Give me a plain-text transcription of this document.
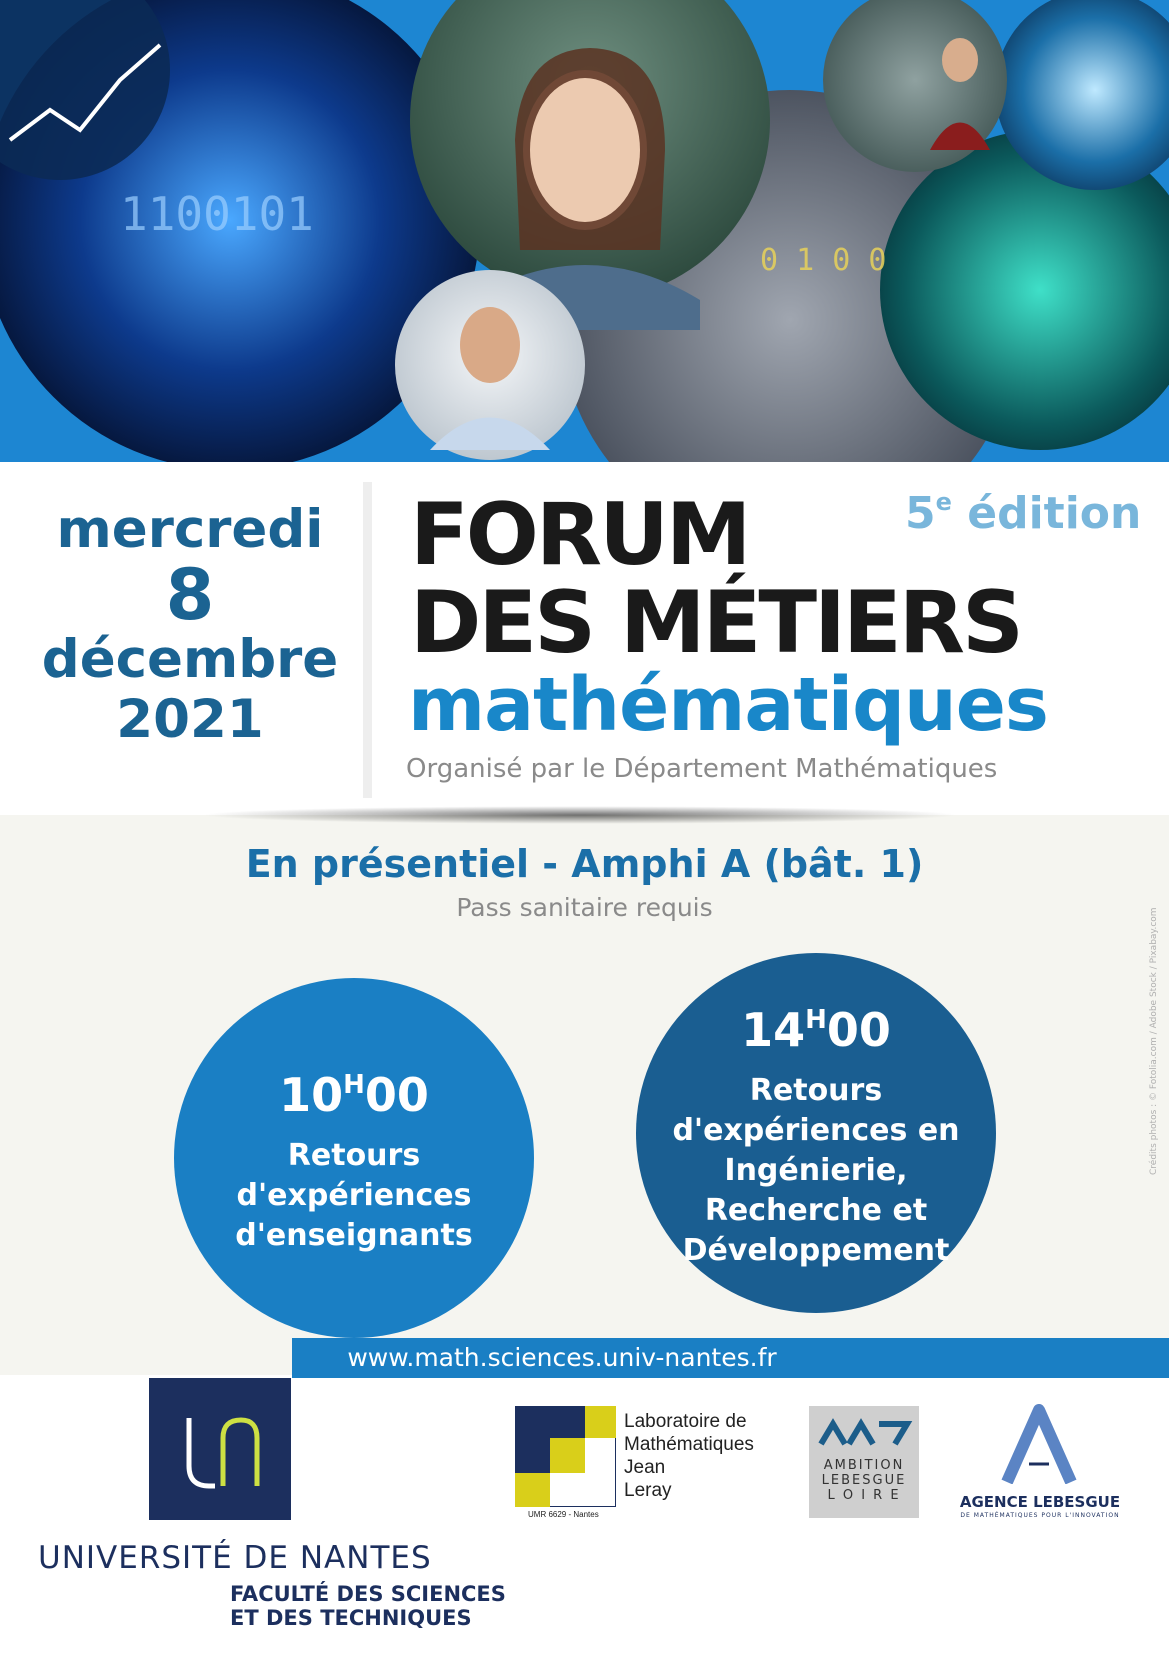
1100101
0 1 0 0
mercredi
8
décembre
2021
FORUM
DES MÉTIERS
mathématiques
5e édition
Organisé par le Département Mathématiques
En présentiel - Amphi A (bât. 1)
Pass sanitaire requis
$10^H00$
Retours
d'expériences
d'enseignants
$14^H00$
Retours
d'expériences en
Ingénierie,
Recherche et
Développement
Crédits photos : © Fotolia.com / Adobe Stock / Pixabay.com
www.math.sciences.univ-nantes.fr
UNIVERSITÉ DE NANTES
FACULTÉ DES SCIENCES
ET DES TECHNIQUES
Laboratoire de
Mathématiques
Jean
Leray
UMR 6629 - Nantes
AMBITION
LEBESGUE
L O I R E	AGENCE LEBESGUE
DE MATHÉMATIQUES POUR L'INNOVATION
